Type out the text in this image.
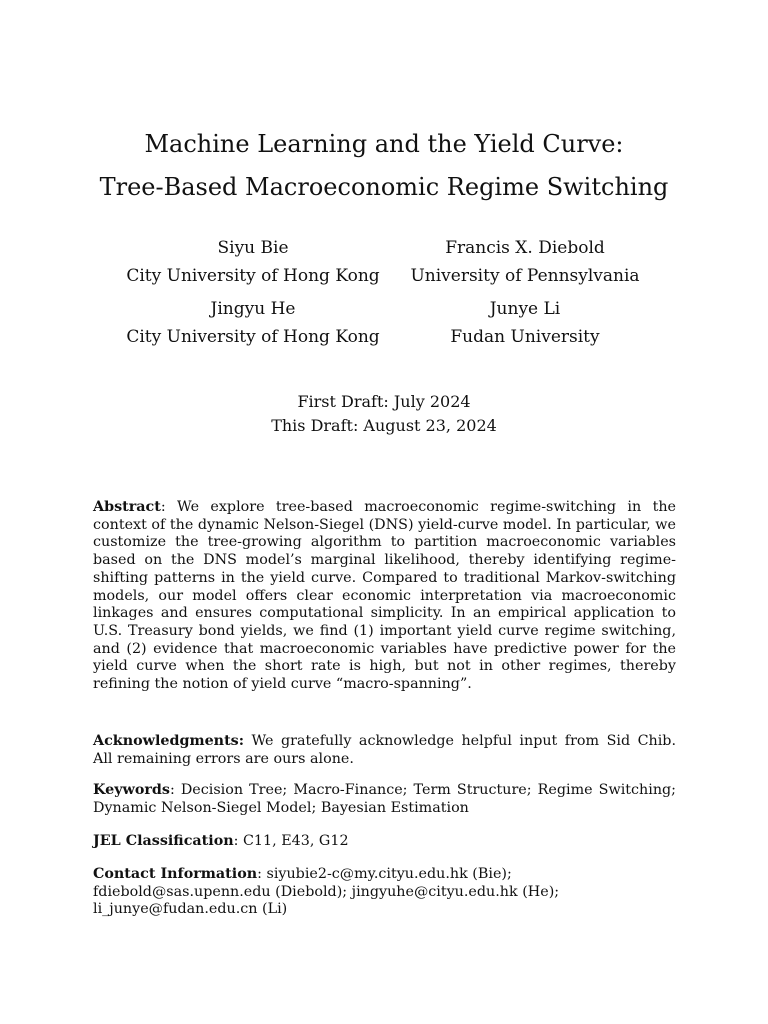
Machine Learning and the Yield Curve:
Tree-Based Macroeconomic Regime Switching
Siyu Bie
City University of Hong Kong
Francis X. Diebold
University of Pennsylvania
Jingyu He
City University of Hong Kong
Junye Li
Fudan University
First Draft: July 2024
This Draft: August 23, 2024
Abstract: We explore tree-based macroeconomic regime-switching in the context of the dynamic Nelson-Siegel (DNS) yield-curve model. In particular, we customize the tree-growing algorithm to partition macroeconomic variables based on the DNS model’s marginal likelihood, thereby identifying regime-shifting patterns in the yield curve. Compared to traditional Markov-switching models, our model offers clear economic interpretation via macroeconomic linkages and ensures computational simplicity. In an empirical application to U.S. Treasury bond yields, we find (1) important yield curve regime switching, and (2) evidence that macroeconomic variables have predictive power for the yield curve when the short rate is high, but not in other regimes, thereby refining the notion of yield curve “macro-spanning”.
Acknowledgments: We gratefully acknowledge helpful input from Sid Chib. All remaining errors are ours alone.
Keywords: Decision Tree; Macro-Finance; Term Structure; Regime Switching; Dynamic Nelson-Siegel Model; Bayesian Estimation
JEL Classification: C11, E43, G12
Contact Information: siyubie2-c@my.cityu.edu.hk (Bie); fdiebold@sas.upenn.edu (Diebold); jingyuhe@cityu.edu.hk (He); li_junye@fudan.edu.cn (Li)
